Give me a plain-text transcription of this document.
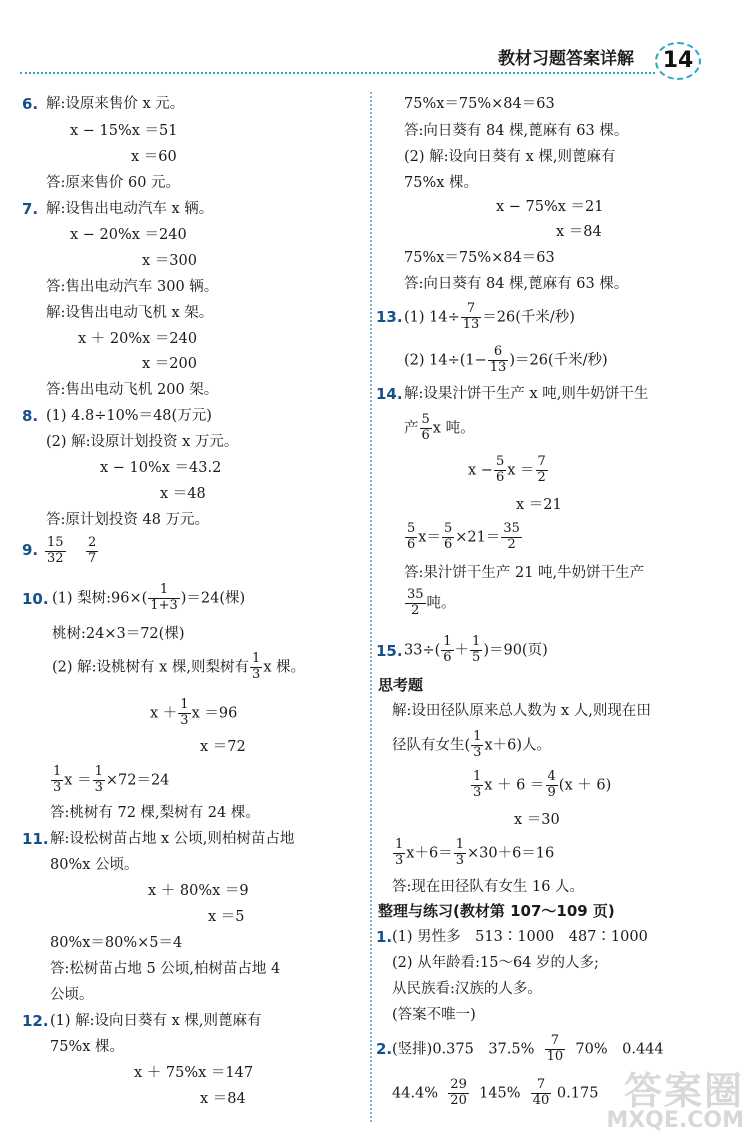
教材习题答案详解	14
6. 解:设原来售价 x 元。
x − 15%x ＝51
x ＝60
答:原来售价 60 元。
7. 解:设售出电动汽车 x 辆。
x − 20%x ＝240
x ＝300
答:售出电动汽车 300 辆。
解:设售出电动飞机 x 架。
x ＋ 20%x ＝240
x ＝200
答:售出电动飞机 200 架。
8. (1) 4.8÷10%＝48(万元)
(2) 解:设原计划投资 x 万元。
x − 10%x ＝43.2
x ＝48
答:原计划投资 48 万元。
9. $\frac{15}{32}$
$\frac{2}{7}$
10. (1) 梨树:96×( $\frac{1}{1+3} )=24$(棵)
桃树:24×3＝72(棵)
(2) 解:设桃树有 x 棵,则梨树有 $\frac{1}{3}$ x 棵。
$x + \frac{1}{3}$ x ＝96
x ＝72
$\frac{1}{3}$ $x = \frac{1}{3} \times 72=24$
答:桃树有 72 棵,梨树有 24 棵。
11. 解:设松树苗占地 x 公顷,则柏树苗占地
80%x 公顷。
x ＋ 80%x ＝9
x ＝5
80%x＝80%×5＝4
答:松树苗占地 5 公顷,柏树苗占地 4
公顷。
12. (1) 解:设向日葵有 x 棵,则蓖麻有
75%x 棵。
x ＋ 75%x ＝147
x ＝84
75%x＝75%×84＝63
答:向日葵有 84 棵,蓖麻有 63 棵。
(2) 解:设向日葵有 x 棵,则蓖麻有
75%x 棵。
x − 75%x ＝21
x ＝84
75%x＝75%×84＝63
答:向日葵有 84 棵,蓖麻有 63 棵。
13. (1) $14\div \frac{7}{13} =26$(千米/秒)
(2) $14\div(1- \frac{6}{13} )=26$(千米/秒)
14. 解:设果汁饼干生产 x 吨,则牛奶饼干生
产 $\frac{5}{6}$ x 吨。
$x - \frac{5}{6}$ $x = \frac{7}{2}$
x ＝21
$\frac{5}{6} x= \frac{5}{6} \times 21= \frac{35}{2}$
答:果汁饼干生产 21 吨,牛奶饼干生产
$\frac{35}{2}$ 吨。
15. $33\div( \frac{1}{6} + \frac{1}{5} )=90$(页)
思考题
解:设田径队原来总人数为 x 人,则现在田
径队有女生( $\frac{1}{3} x+6$)人。
$\frac{1}{3}$ $x + 6 = \frac{4}{9} (x + 6)$
x ＝30
$\frac{1}{3} x+6= \frac{1}{3} \times 30+6=16$
答:现在田径队有女生 16 人。
整理与练习(教材第 107～109 页)
1. (1) 男性多　513∶1000　487∶1000
(2) 从年龄看:15～64 岁的人多;
从民族看:汉族的人多。
(答案不唯一)
2. (竖排)0.375　$37.5\% \frac{7}{10} 70\%$　0.444
$44.4\% \frac{29}{20} 145\% \frac{7}{40} 0.175$ 答案圈
MXQE.COM
